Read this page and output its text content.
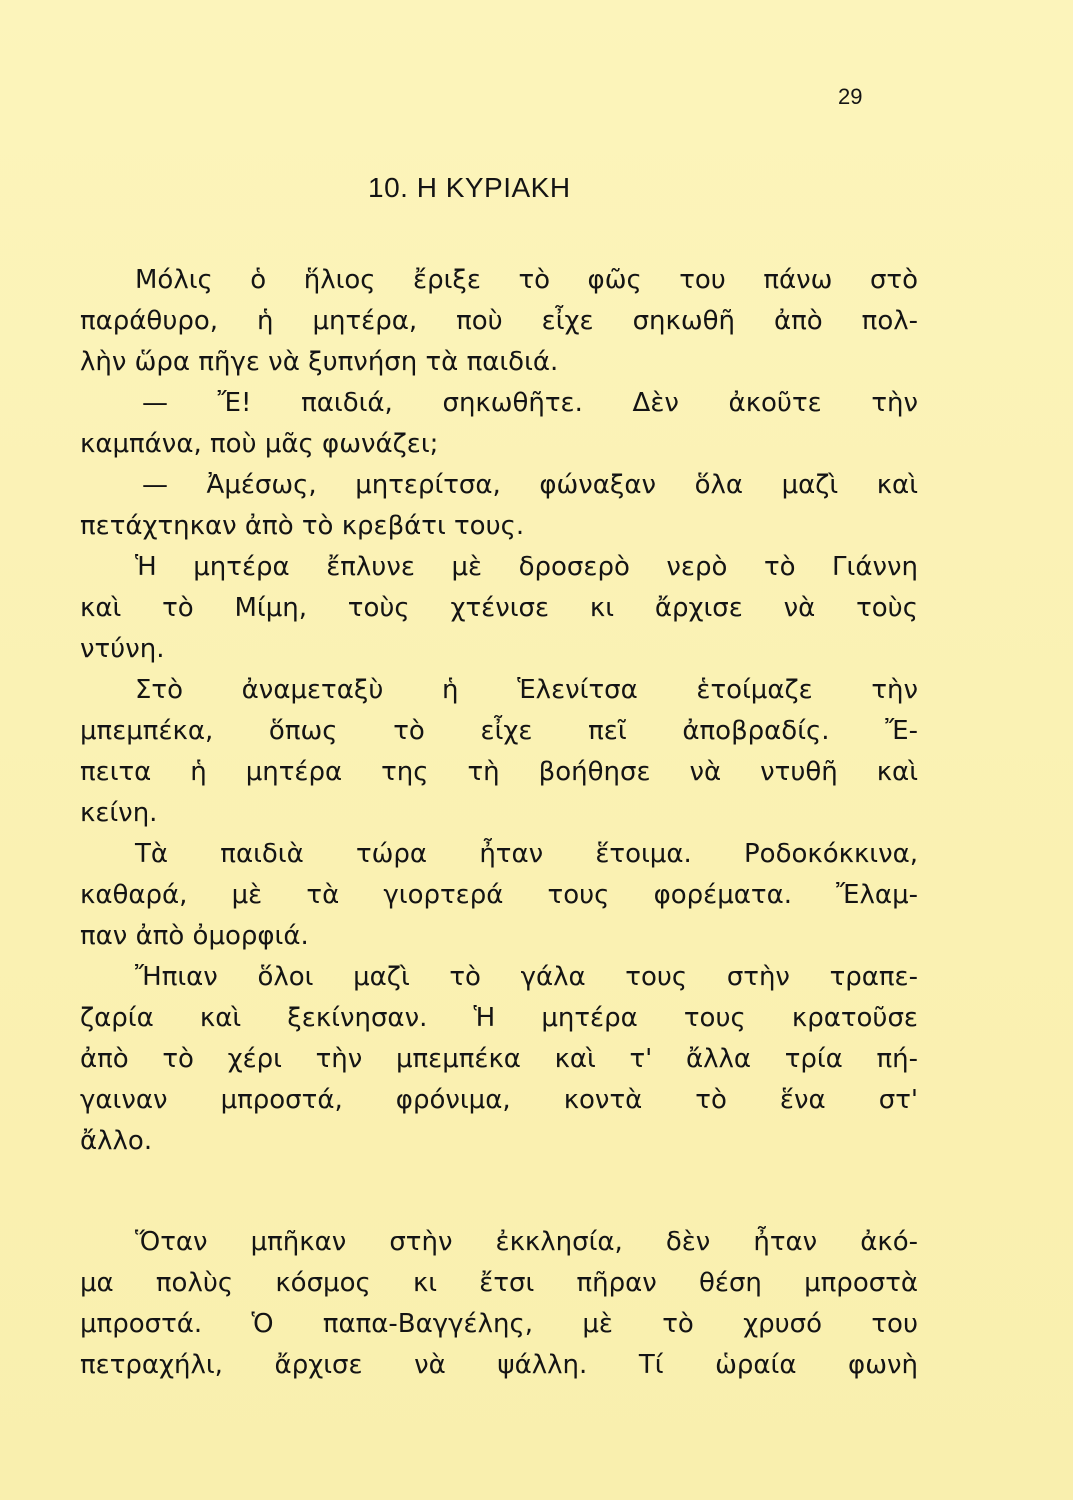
29
10. Η ΚΥΡΙΑΚΗ
Μόλις ὁ ἥλιος ἔριξε τὸ φῶς του πάνω στὸ
παράθυρο, ἡ μητέρα, ποὺ εἶχε σηκωθῆ ἀπὸ πολ-
λὴν ὥρα πῆγε νὰ ξυπνήση τὰ παιδιά.
— Ἔ! παιδιά, σηκωθῆτε. Δὲν ἀκοῦτε τὴν
καμπάνα, ποὺ μᾶς φωνάζει;
— Ἀμέσως, μητερίτσα, φώναξαν ὅλα μαζὶ καὶ
πετάχτηκαν ἀπὸ τὸ κρεβάτι τους.
Ἡ μητέρα ἔπλυνε μὲ δροσερὸ νερὸ τὸ Γιάννη
καὶ τὸ Μίμη, τοὺς χτένισε κι ἄρχισε νὰ τοὺς
ντύνη.
Στὸ ἀναμεταξὺ ἡ Ἑλενίτσα ἑτοίμαζε τὴν
μπεμπέκα, ὅπως τὸ εἶχε πεῖ ἀποβραδίς. Ἔ-
πειτα ἡ μητέρα της τὴ βοήθησε νὰ ντυθῆ καὶ
κείνη.
Τὰ παιδιὰ τώρα ἦταν ἕτοιμα. Ροδοκόκκινα,
καθαρά, μὲ τὰ γιορτερά τους φορέματα. Ἔλαμ-
παν ἀπὸ ὀμορφιά.
Ἤπιαν ὅλοι μαζὶ τὸ γάλα τους στὴν τραπε-
ζαρία καὶ ξεκίνησαν. Ἡ μητέρα τους κρατοῦσε
ἀπὸ τὸ χέρι τὴν μπεμπέκα καὶ τ' ἄλλα τρία πή-
γαιναν μπροστά, φρόνιμα, κοντὰ τὸ ἕνα στ'
ἄλλο.
Ὅταν μπῆκαν στὴν ἐκκλησία, δὲν ἦταν ἀκό-
μα πολὺς κόσμος κι ἔτσι πῆραν θέση μπροστὰ
μπροστά. Ὁ παπα-Βαγγέλης, μὲ τὸ χρυσό του
πετραχήλι, ἄρχισε νὰ ψάλλη. Τί ὡραία φωνὴ
